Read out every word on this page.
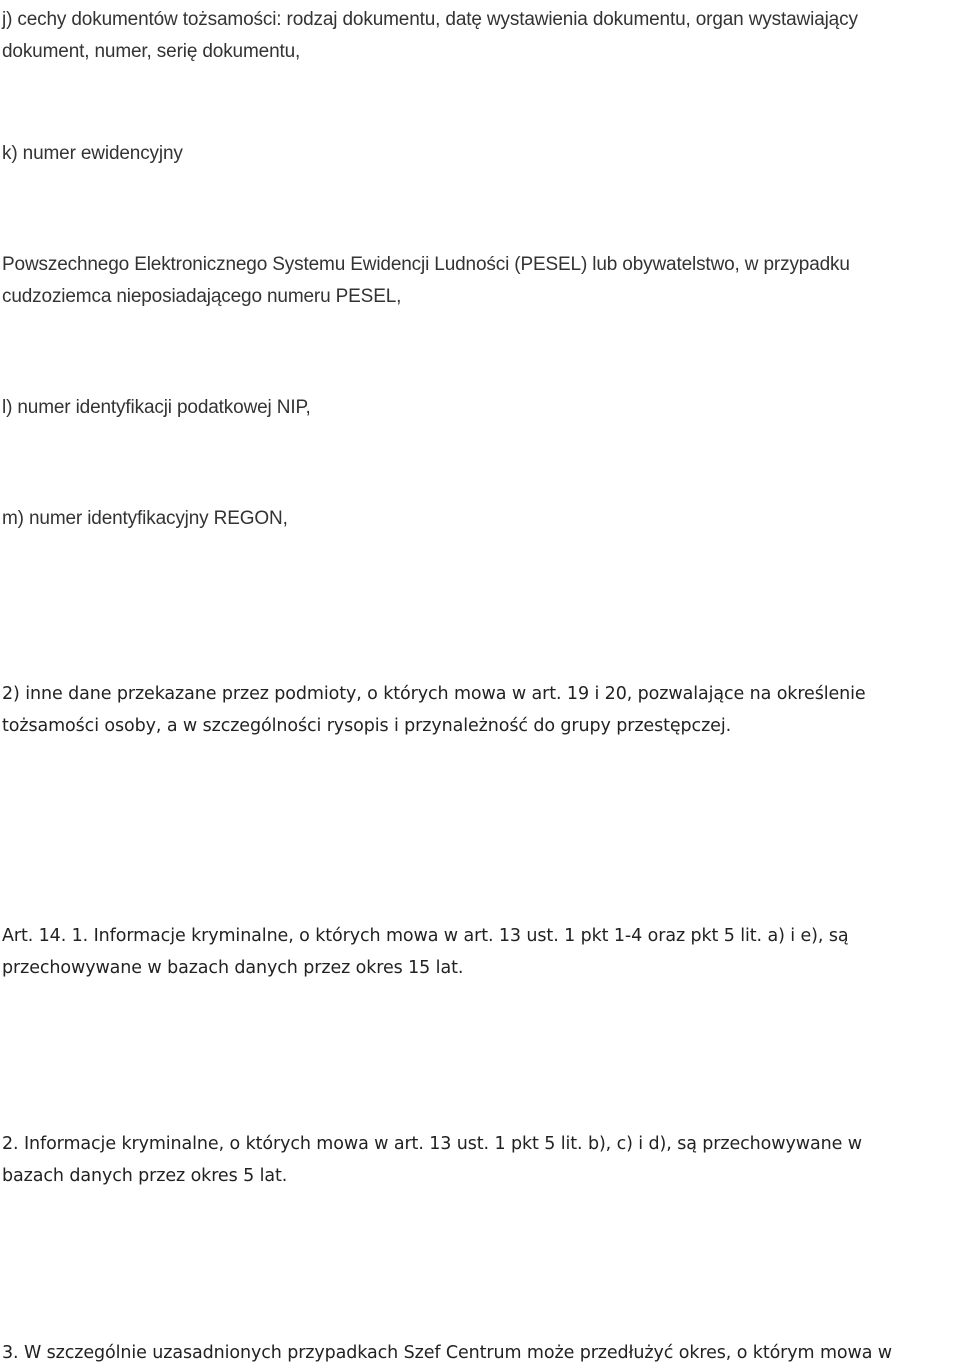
j) cechy dokumentów tożsamości: rodzaj dokumentu, datę wystawienia dokumentu, organ wystawiający
dokument, numer, serię dokumentu,

k) numer ewidencyjny

Powszechnego Elektronicznego Systemu Ewidencji Ludności (PESEL) lub obywatelstwo, w przypadku
cudzoziemca nieposiadającego numeru PESEL,

l) numer identyfikacji podatkowej NIP,

m) numer identyfikacyjny REGON,

2) inne dane przekazane przez podmioty, o których mowa w art. 19 i 20, pozwalające na określenie
tożsamości osoby, a w szczególności rysopis i przynależność do grupy przestępczej.

Art. 14. 1. Informacje kryminalne, o których mowa w art. 13 ust. 1 pkt 1-4 oraz pkt 5 lit. a) i e), są
przechowywane w bazach danych przez okres 15 lat.

2. Informacje kryminalne, o których mowa w art. 13 ust. 1 pkt 5 lit. b), c) i d), są przechowywane w
bazach danych przez okres 5 lat.

3. W szczególnie uzasadnionych przypadkach Szef Centrum może przedłużyć okres, o którym mowa w
